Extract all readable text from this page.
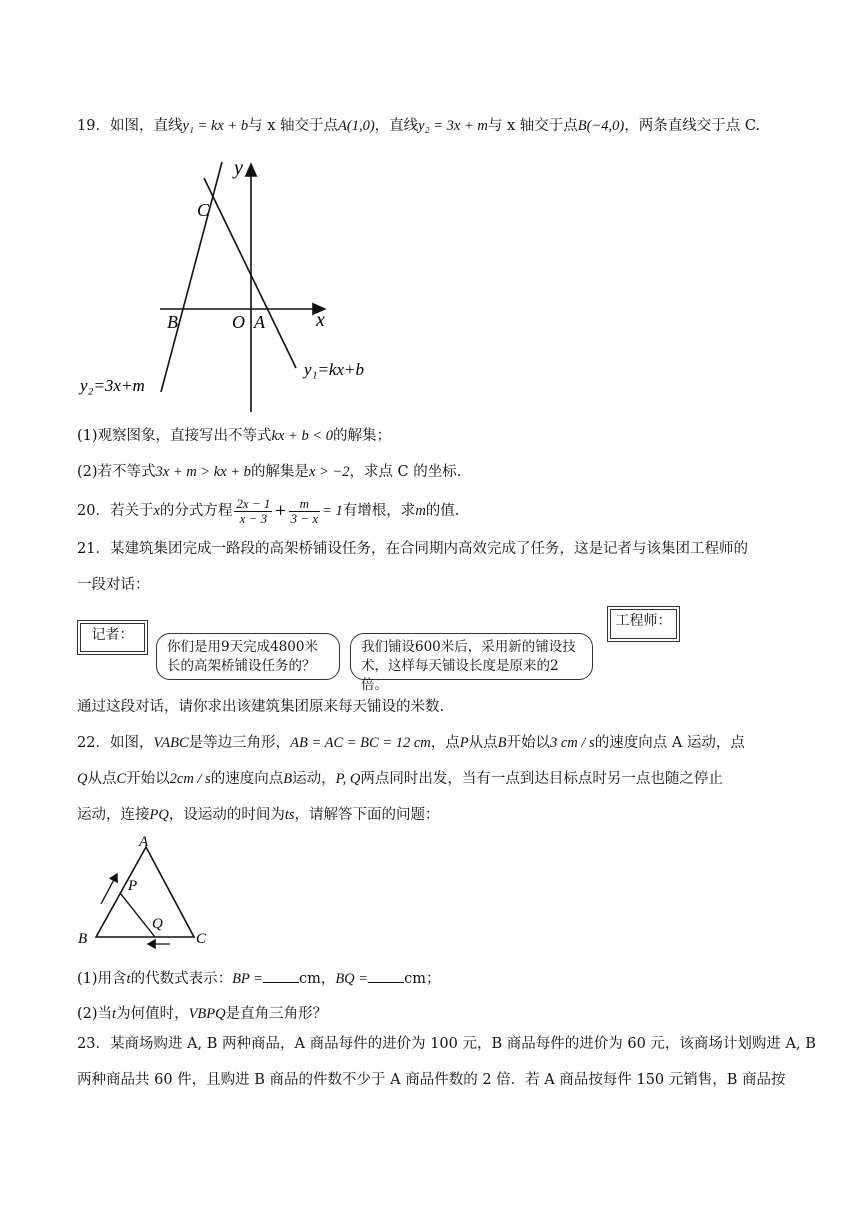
19．如图，直线y₁ = kx + b与 x 轴交于点A(1,0)，直线y₂ = 3x + m与 x 轴交于点B(−4,0)，两条直线交于点 C.
y
x
C
B	O A
y₁=kx+b
y₂=3x+m
(1)观察图象，直接写出不等式kx + b < 0的解集；
(2)若不等式3x + m > kx + b的解集是x > −2，求点 C 的坐标.
20．若关于x的分式方程 $\frac{2x - 1}{x - 3} + \frac{m}{3 - x} = 1$有增根，求m的值.
21．某建筑集团完成一路段的高架桥铺设任务，在合同期内高效完成了任务，这是记者与该集团工程师的
一段对话：
记者：
你们是用9天完成4800米
长的高架桥铺设任务的？
我们铺设600米后，采用新的铺设技
术，这样每天铺设长度是原来的2倍。
工程师：
通过这段对话，请你求出该建筑集团原来每天铺设的米数.
22．如图，VABC是等边三角形，AB = AC = BC = 12 cm，点P从点B开始以3 cm / s的速度向点 A 运动，点
Q从点C开始以2cm / s的速度向点B运动，P, Q两点同时出发，当有一点到达目标点时另一点也随之停止
运动，连接PQ，设运动的时间为ts，请解答下面的问题：
A
B	C
P
Q
(1)用含t的代数式表示：BP = cm，BQ = cm；
(2)当t为何值时，VBPQ是直角三角形？
23．某商场购进 A, B 两种商品，A 商品每件的进价为 100 元，B 商品每件的进价为 60 元，该商场计划购进 A, B
两种商品共 60 件，且购进 B 商品的件数不少于 A 商品件数的 2 倍．若 A 商品按每件 150 元销售，B 商品按
